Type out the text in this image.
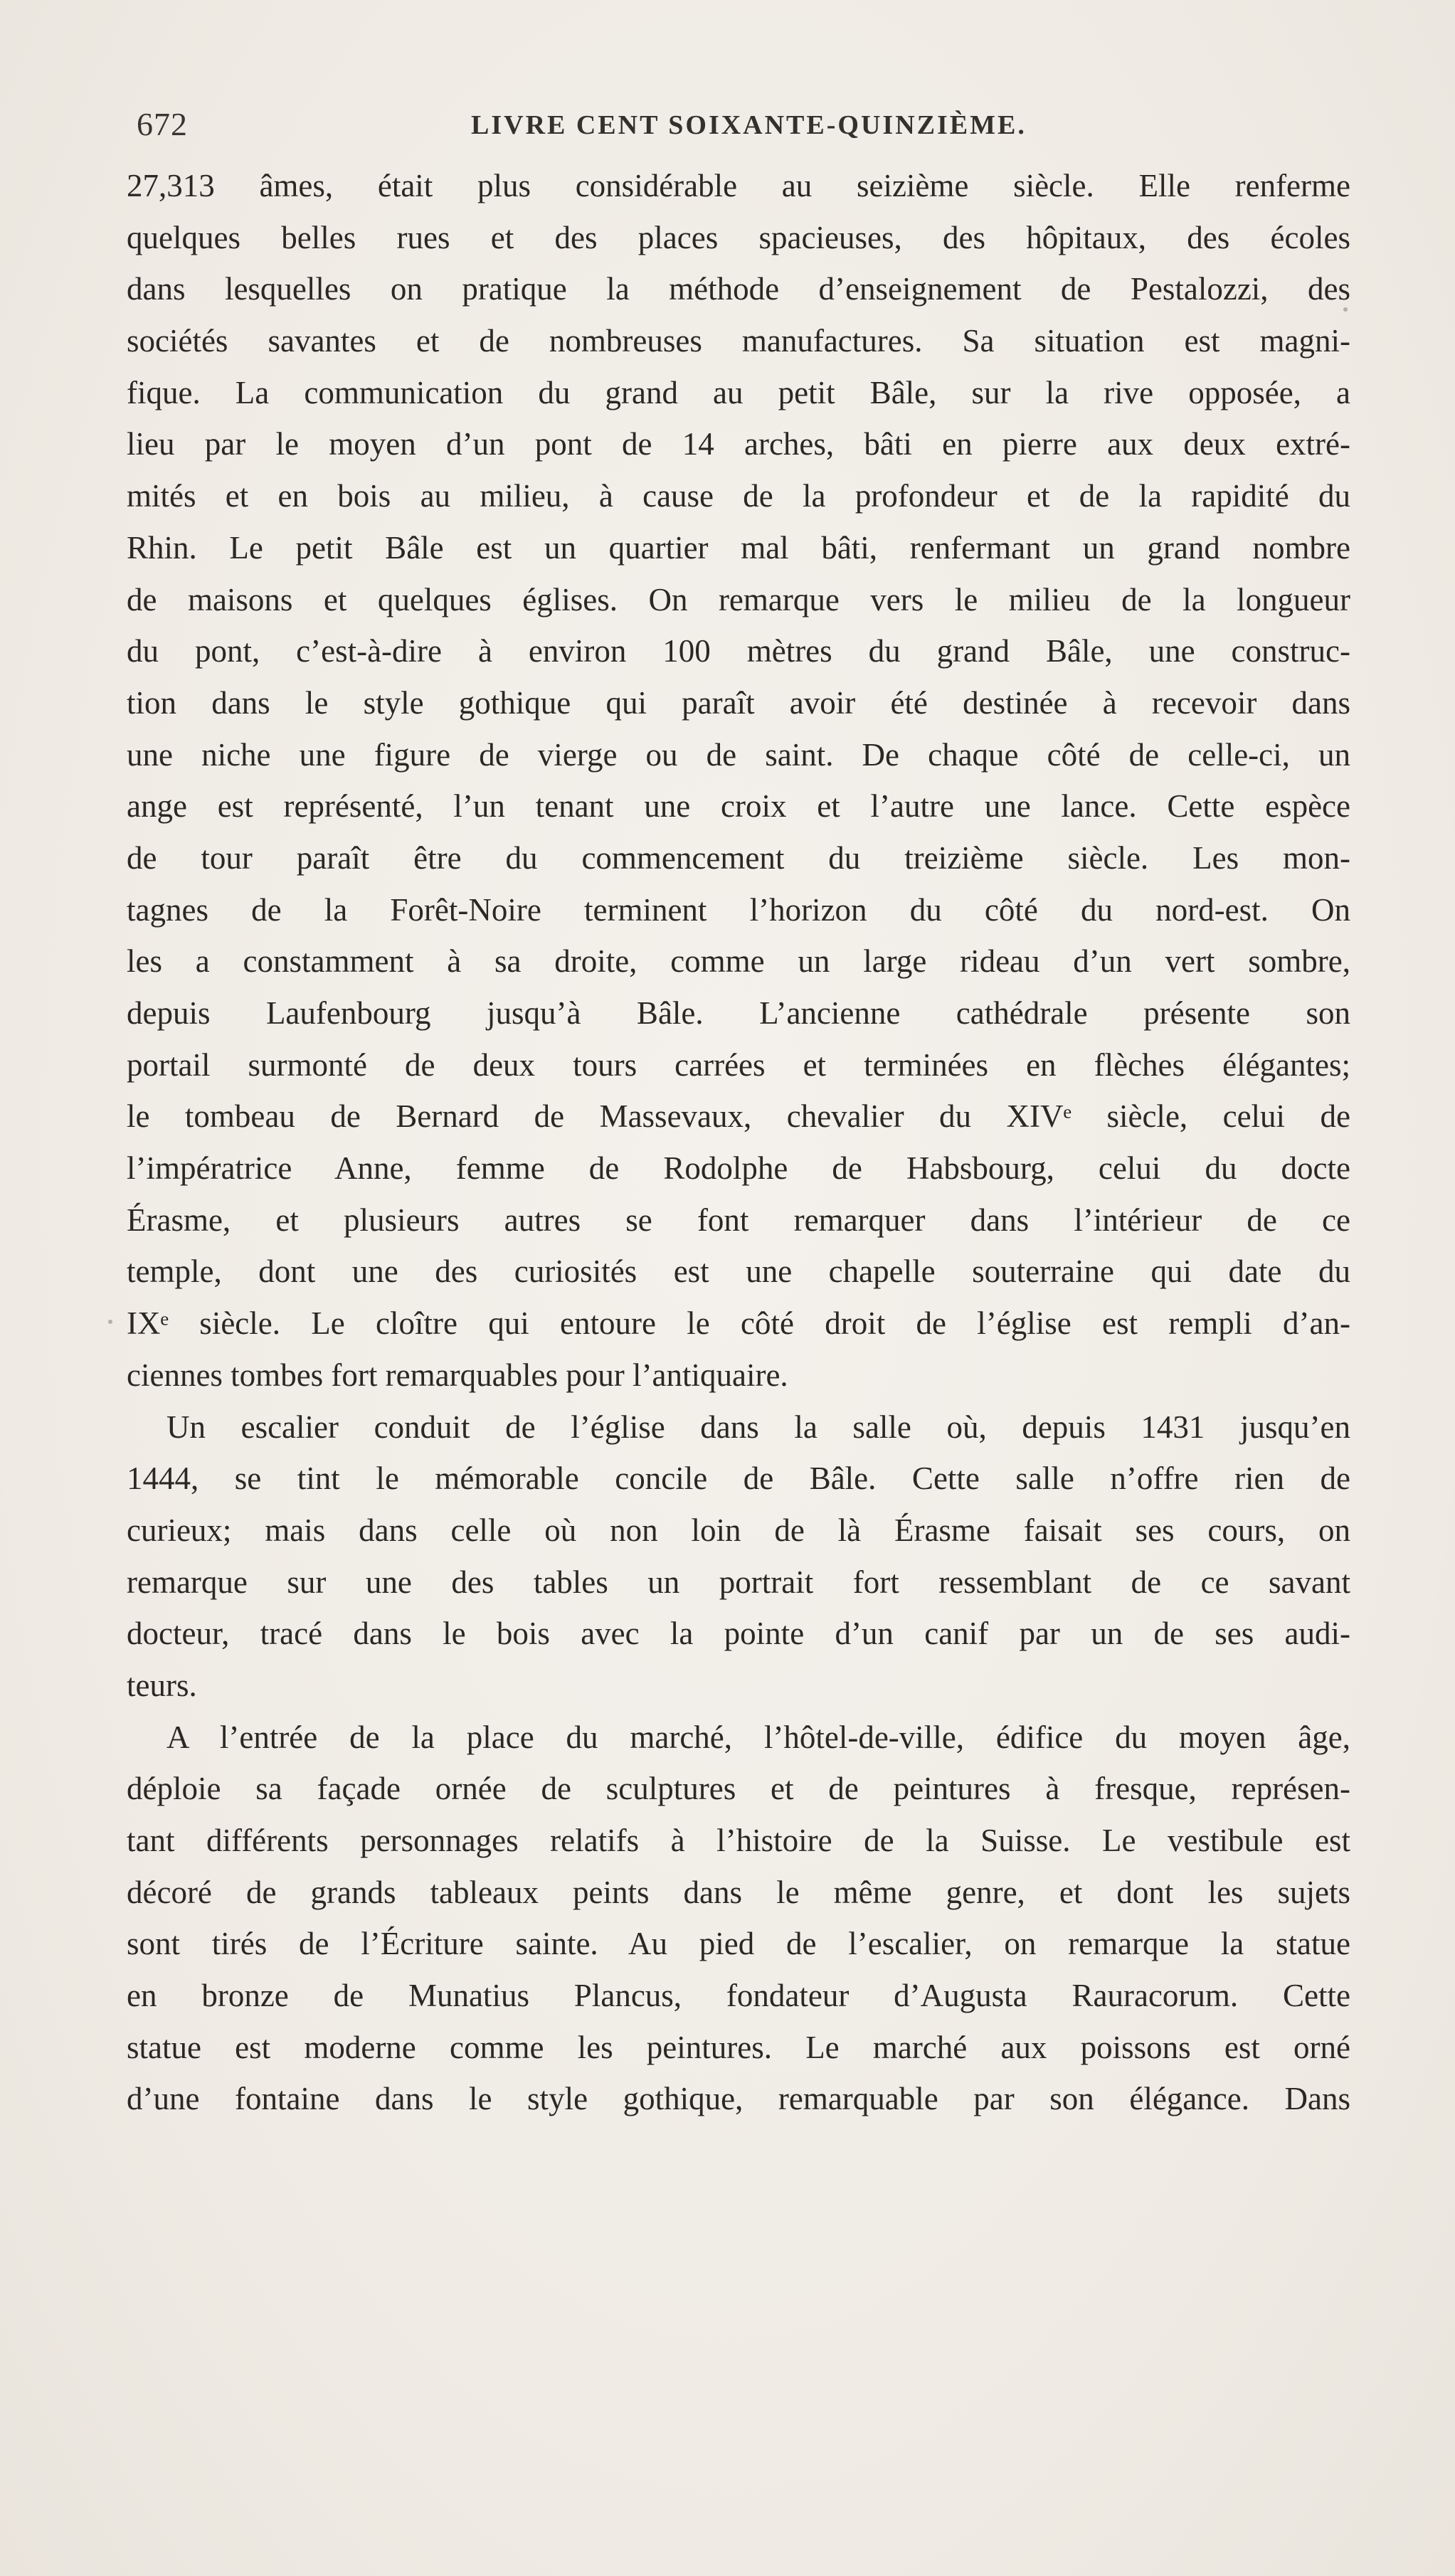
672	LIVRE CENT SOIXANTE-QUINZIÈME.
27,313 âmes, était plus considérable au seizième siècle. Elle renferme
quelques belles rues et des places spacieuses, des hôpitaux, des écoles
dans lesquelles on pratique la méthode d’enseignement de Pestalozzi, des
sociétés savantes et de nombreuses manufactures. Sa situation est magni-
fique. La communication du grand au petit Bâle, sur la rive opposée, a
lieu par le moyen d’un pont de 14 arches, bâti en pierre aux deux extré-
mités et en bois au milieu, à cause de la profondeur et de la rapidité du
Rhin. Le petit Bâle est un quartier mal bâti, renfermant un grand nombre
de maisons et quelques églises. On remarque vers le milieu de la longueur
du pont, c’est-à-dire à environ 100 mètres du grand Bâle, une construc-
tion dans le style gothique qui paraît avoir été destinée à recevoir dans
une niche une figure de vierge ou de saint. De chaque côté de celle-ci, un
ange est représenté, l’un tenant une croix et l’autre une lance. Cette espèce
de tour paraît être du commencement du treizième siècle. Les mon-
tagnes de la Forêt-Noire terminent l’horizon du côté du nord-est. On
les a constamment à sa droite, comme un large rideau d’un vert sombre,
depuis Laufenbourg jusqu’à Bâle. L’ancienne cathédrale présente son
portail surmonté de deux tours carrées et terminées en flèches élégantes;
le tombeau de Bernard de Massevaux, chevalier du XIVᵉ siècle, celui de
l’impératrice Anne, femme de Rodolphe de Habsbourg, celui du docte
Érasme, et plusieurs autres se font remarquer dans l’intérieur de ce
temple, dont une des curiosités est une chapelle souterraine qui date du
IXᵉ siècle. Le cloître qui entoure le côté droit de l’église est rempli d’an-
ciennes tombes fort remarquables pour l’antiquaire.
Un escalier conduit de l’église dans la salle où, depuis 1431 jusqu’en
1444, se tint le mémorable concile de Bâle. Cette salle n’offre rien de
curieux; mais dans celle où non loin de là Érasme faisait ses cours, on
remarque sur une des tables un portrait fort ressemblant de ce savant
docteur, tracé dans le bois avec la pointe d’un canif par un de ses audi-
teurs.
A l’entrée de la place du marché, l’hôtel-de-ville, édifice du moyen âge,
déploie sa façade ornée de sculptures et de peintures à fresque, représen-
tant différents personnages relatifs à l’histoire de la Suisse. Le vestibule est
décoré de grands tableaux peints dans le même genre, et dont les sujets
sont tirés de l’Écriture sainte. Au pied de l’escalier, on remarque la statue
en bronze de Munatius Plancus, fondateur d’Augusta Rauracorum. Cette
statue est moderne comme les peintures. Le marché aux poissons est orné
d’une fontaine dans le style gothique, remarquable par son élégance. Dans
